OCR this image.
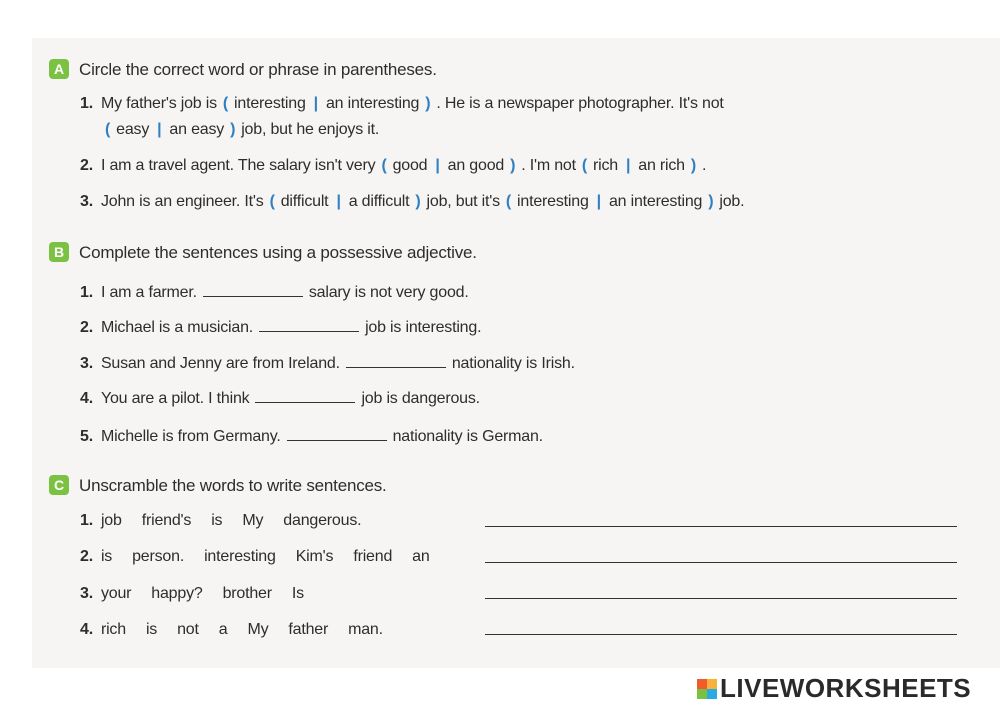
A Circle the correct word or phrase in parentheses.
1. My father's job is ( interesting | an interesting ) . He is a newspaper photographer. It's not
( easy | an easy ) job, but he enjoys it.
2. I am a travel agent. The salary isn't very ( good | an good ) . I'm not ( rich | an rich ) .
3. John is an engineer. It's ( difficult | a difficult ) job, but it's ( interesting | an interesting ) job.
B Complete the sentences using a possessive adjective.
1. I am a farmer.	salary is not very good.
2. Michael is a musician.	job is interesting.
3. Susan and Jenny are from Ireland.	nationality is Irish.
4. You are a pilot. I think	job is dangerous.
5. Michelle is from Germany.	nationality is German.
C Unscramble the words to write sentences.
1. job friend's is My dangerous.
2. is person. interesting Kim's friend an
3. your happy? brother Is
4. rich is not a My father man.
LIVEWORKSHEETS
